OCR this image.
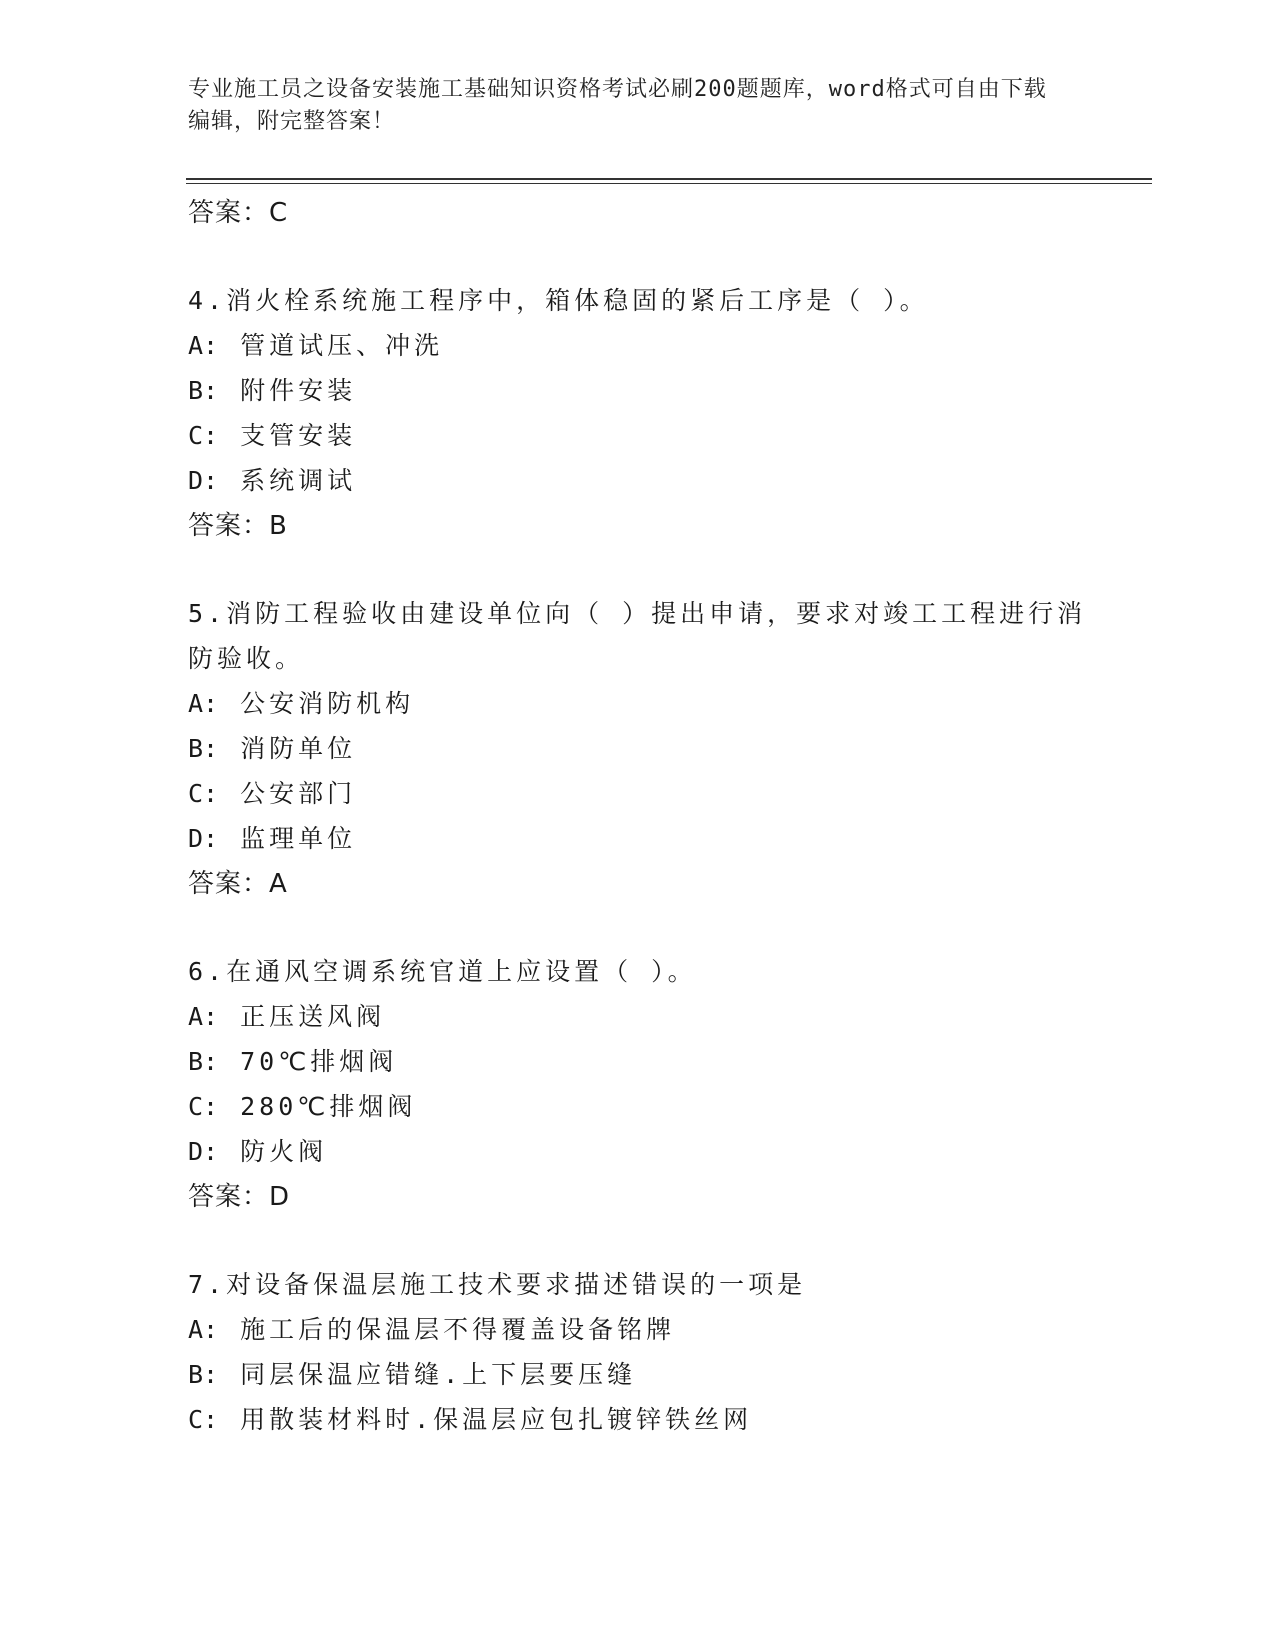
专业施工员之设备安装施工基础知识资格考试必刷200题题库，word格式可自由下载编辑，附完整答案！

答案：C

4.消火栓系统施工程序中，箱体稳固的紧后工序是（ ）。

A: 管道试压、冲洗

B: 附件安装

C: 支管安装

D: 系统调试

答案：B

5.消防工程验收由建设单位向（ ）提出申请，要求对竣工工程进行消防验收。

A: 公安消防机构

B: 消防单位

C: 公安部门

D: 监理单位

答案：A

6.在通风空调系统官道上应设置（ ）。

A: 正压送风阀

B: 70℃排烟阀

C: 280℃排烟阀

D: 防火阀

答案：D

7.对设备保温层施工技术要求描述错误的一项是

A: 施工后的保温层不得覆盖设备铭牌

B: 同层保温应错缝.上下层要压缝

C: 用散装材料时.保温层应包扎镀锌铁丝网
